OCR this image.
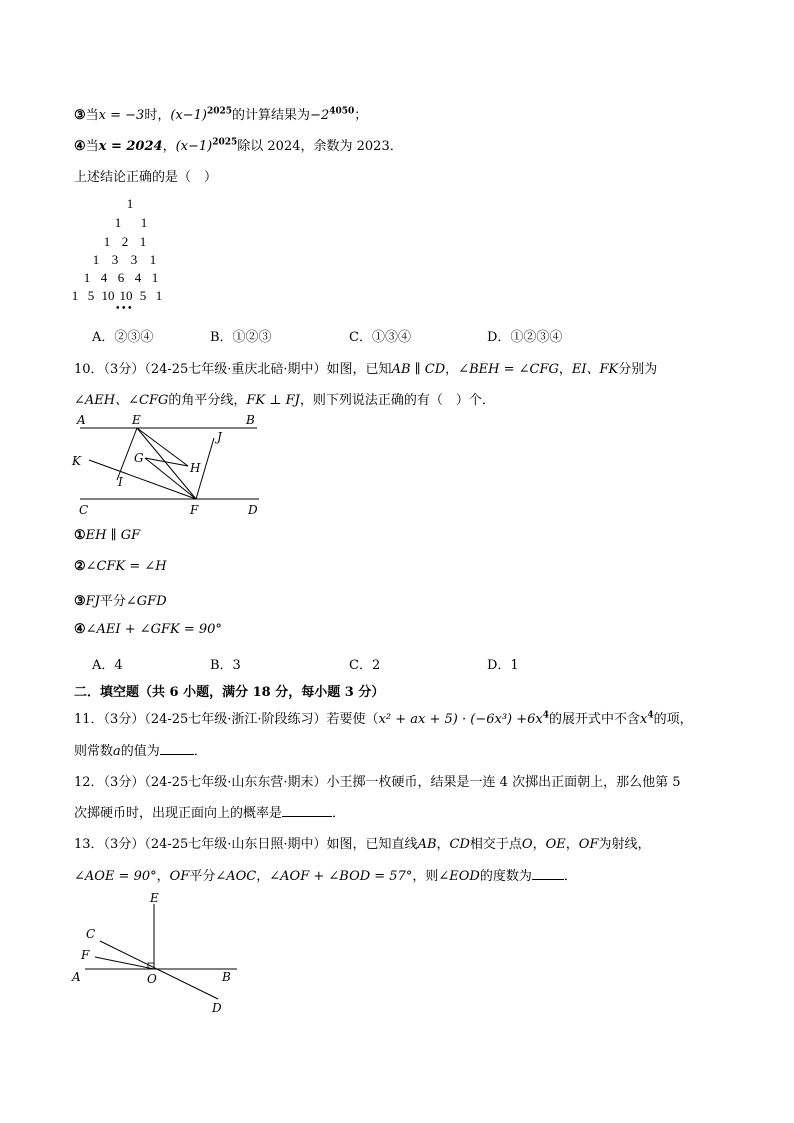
③当x = −3时，$(x-1)^{2025}$的计算结果为$-2^{4050}$；
④当x = 2024，$(x-1)^{2025}$除以 2024，余数为 2023．
上述结论正确的是（　）
1
1 1
1 2 1
1 3 3 1
1 4 6 4 1
1 5 10 10 5 1
• • •
A．②③④	B．①②③	C．①③④	D．①②③④
10．（3分）（24-25七年级·重庆北碚·期中）如图，已知AB ∥ CD，∠BEH = ∠CFG，EI、FK分别为
∠AEH、∠CFG的角平分线，FK ⊥ FJ，则下列说法正确的有（　）个．
A	E	B
J
K	G
H
I
C	F	D
①EH ∥ GF
②∠CFK = ∠H
③FJ平分∠GFD
④∠AEI + ∠GFK = 90°
A．4	B．3	C．2	D．1
二．填空题（共 6 小题，满分 18 分，每小题 3 分）
11．（3分）（24-25七年级·浙江·阶段练习）若要使（x² + ax + $5) \cdot (-6x^3) +6x^4$的展开式中不含$x^4$的项，
则常数a的值为	．
12．（3分）（24-25七年级·山东东营·期末）小王掷一枚硬币，结果是一连 4 次掷出正面朝上，那么他第 5
次掷硬币时，出现正面向上的概率是	．
13．（3分）（24-25七年级·山东日照·期中）如图，已知直线AB，CD相交于点O，OE，OF为射线，
∠AOE = 90°，OF平分∠AOC，∠AOF + ∠BOD = 57°，则∠EOD的度数为 ．
E
C
F
A	O	B
D
